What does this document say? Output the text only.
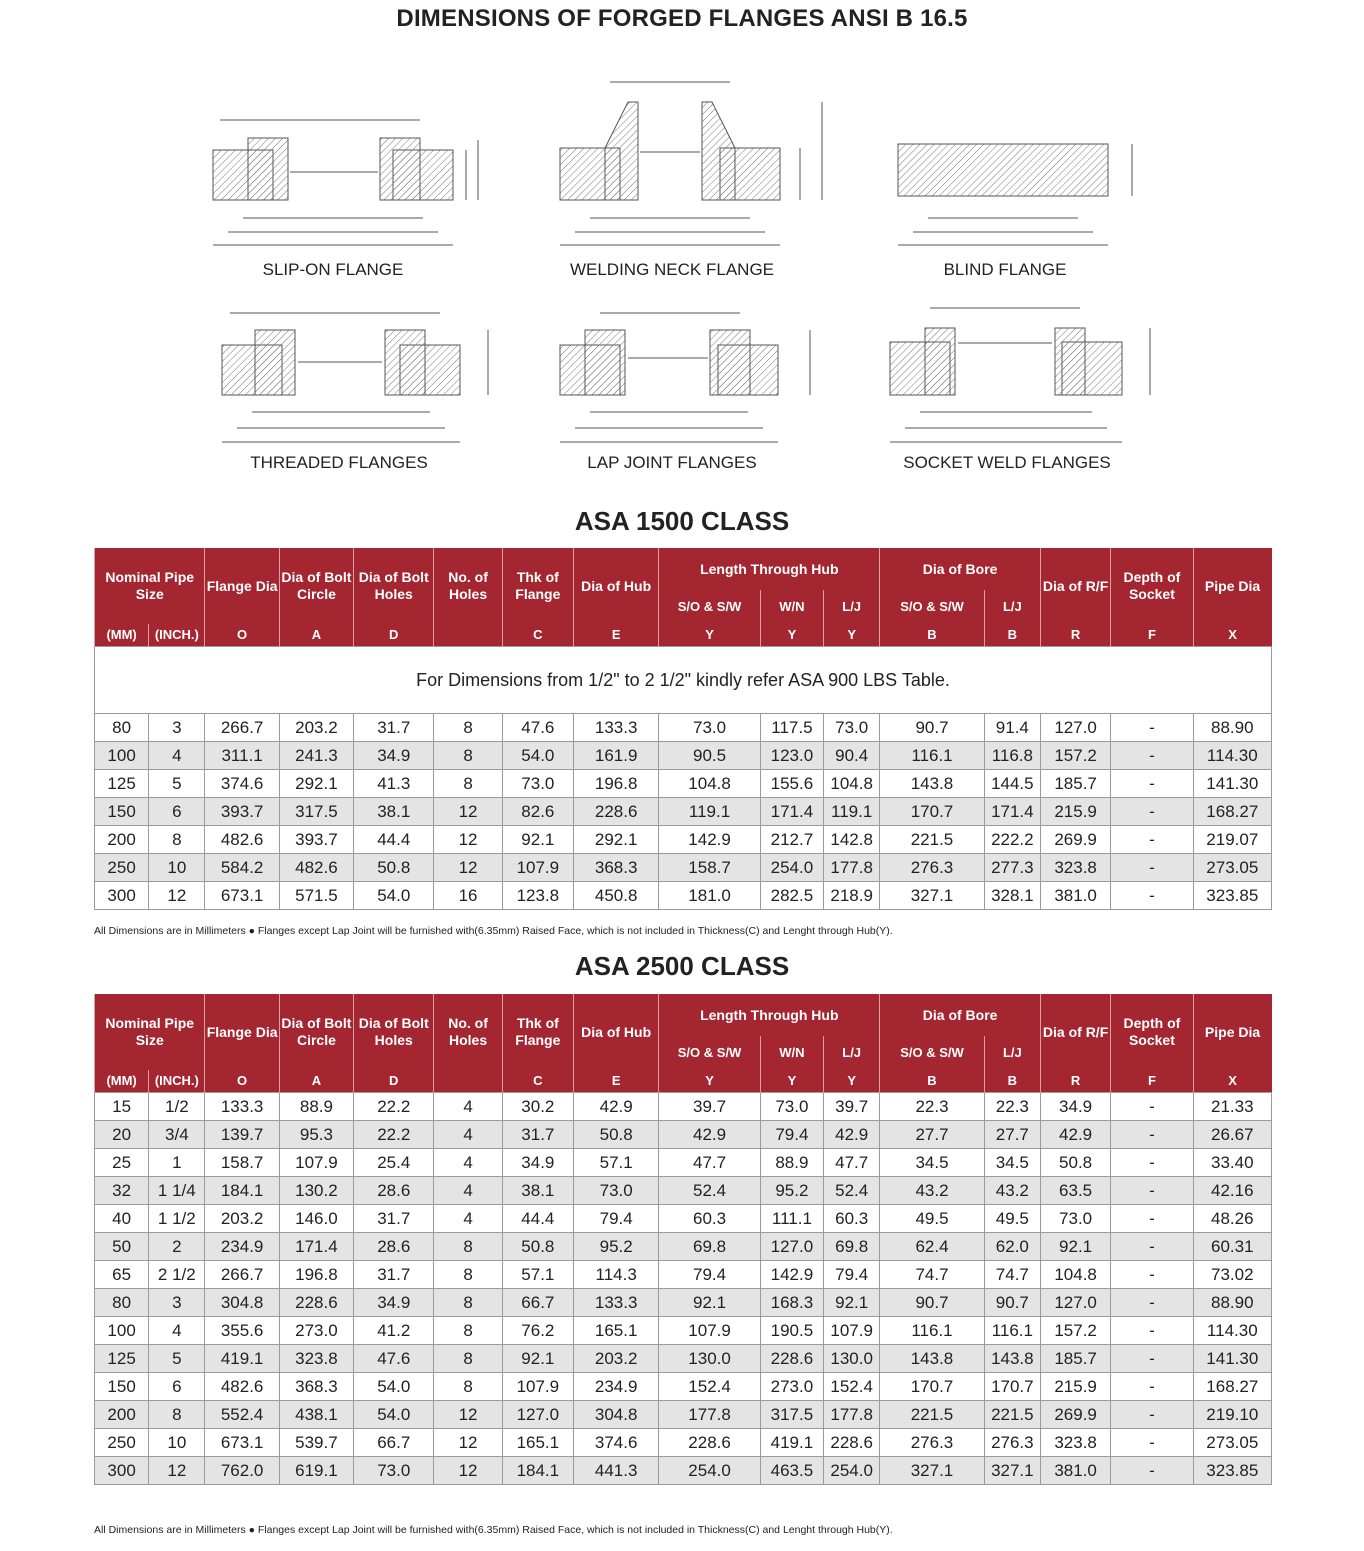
DIMENSIONS OF FORGED FLANGES ANSI B 16.5
SLIP-ON FLANGE	WELDING NECK FLANGE	BLIND FLANGE
THREADED FLANGES	LAP JOINT FLANGES	SOCKET WELD FLANGES
ASA 1500 CLASS
Nominal Pipe Size		Flange Dia	Dia of Bolt Circle	Dia of Bolt Holes	No. of Holes	Thk of Flange	Dia of Hub	Length Through Hub			Dia of Bore		Dia of R/F	Depth of Socket	Pipe Dia
								S/O & S/W	W/N	L/J	S/O & S/W	L/J			
(MM)	(INCH.)	O	A	D		C	E	Y	Y	Y	B	B	R	F	X
For Dimensions from 1/2" to 2 1/2" kindly refer ASA 900 LBS Table.															
80	3	266.7	203.2	31.7	8	47.6	133.3	73.0	117.5	73.0	90.7	91.4	127.0	-	88.90
100	4	311.1	241.3	34.9	8	54.0	161.9	90.5	123.0	90.4	116.1	116.8	157.2	-	114.30
125	5	374.6	292.1	41.3	8	73.0	196.8	104.8	155.6	104.8	143.8	144.5	185.7	-	141.30
150	6	393.7	317.5	38.1	12	82.6	228.6	119.1	171.4	119.1	170.7	171.4	215.9	-	168.27
200	8	482.6	393.7	44.4	12	92.1	292.1	142.9	212.7	142.8	221.5	222.2	269.9	-	219.07
250	10	584.2	482.6	50.8	12	107.9	368.3	158.7	254.0	177.8	276.3	277.3	323.8	-	273.05
300	12	673.1	571.5	54.0	16	123.8	450.8	181.0	282.5	218.9	327.1	328.1	381.0	-	323.85
All Dimensions are in Millimeters ● Flanges except Lap Joint will be furnished with(6.35mm) Raised Face, which is not included in Thickness(C) and Lenght through Hub(Y).
ASA 2500 CLASS
Nominal Pipe Size		Flange Dia	Dia of Bolt Circle	Dia of Bolt Holes	No. of Holes	Thk of Flange	Dia of Hub	Length Through Hub			Dia of Bore		Dia of R/F	Depth of Socket	Pipe Dia
								S/O & S/W	W/N	L/J	S/O & S/W	L/J			
(MM)	(INCH.)	O	A	D		C	E	Y	Y	Y	B	B	R	F	X
15	1/2	133.3	88.9	22.2	4	30.2	42.9	39.7	73.0	39.7	22.3	22.3	34.9	-	21.33
20	3/4	139.7	95.3	22.2	4	31.7	50.8	42.9	79.4	42.9	27.7	27.7	42.9	-	26.67
25	1	158.7	107.9	25.4	4	34.9	57.1	47.7	88.9	47.7	34.5	34.5	50.8	-	33.40
32	1 1/4	184.1	130.2	28.6	4	38.1	73.0	52.4	95.2	52.4	43.2	43.2	63.5	-	42.16
40	1 1/2	203.2	146.0	31.7	4	44.4	79.4	60.3	111.1	60.3	49.5	49.5	73.0	-	48.26
50	2	234.9	171.4	28.6	8	50.8	95.2	69.8	127.0	69.8	62.4	62.0	92.1	-	60.31
65	2 1/2	266.7	196.8	31.7	8	57.1	114.3	79.4	142.9	79.4	74.7	74.7	104.8	-	73.02
80	3	304.8	228.6	34.9	8	66.7	133.3	92.1	168.3	92.1	90.7	90.7	127.0	-	88.90
100	4	355.6	273.0	41.2	8	76.2	165.1	107.9	190.5	107.9	116.1	116.1	157.2	-	114.30
125	5	419.1	323.8	47.6	8	92.1	203.2	130.0	228.6	130.0	143.8	143.8	185.7	-	141.30
150	6	482.6	368.3	54.0	8	107.9	234.9	152.4	273.0	152.4	170.7	170.7	215.9	-	168.27
200	8	552.4	438.1	54.0	12	127.0	304.8	177.8	317.5	177.8	221.5	221.5	269.9	-	219.10
250	10	673.1	539.7	66.7	12	165.1	374.6	228.6	419.1	228.6	276.3	276.3	323.8	-	273.05
300	12	762.0	619.1	73.0	12	184.1	441.3	254.0	463.5	254.0	327.1	327.1	381.0	-	323.85
All Dimensions are in Millimeters ● Flanges except Lap Joint will be furnished with(6.35mm) Raised Face, which is not included in Thickness(C) and Lenght through Hub(Y).
